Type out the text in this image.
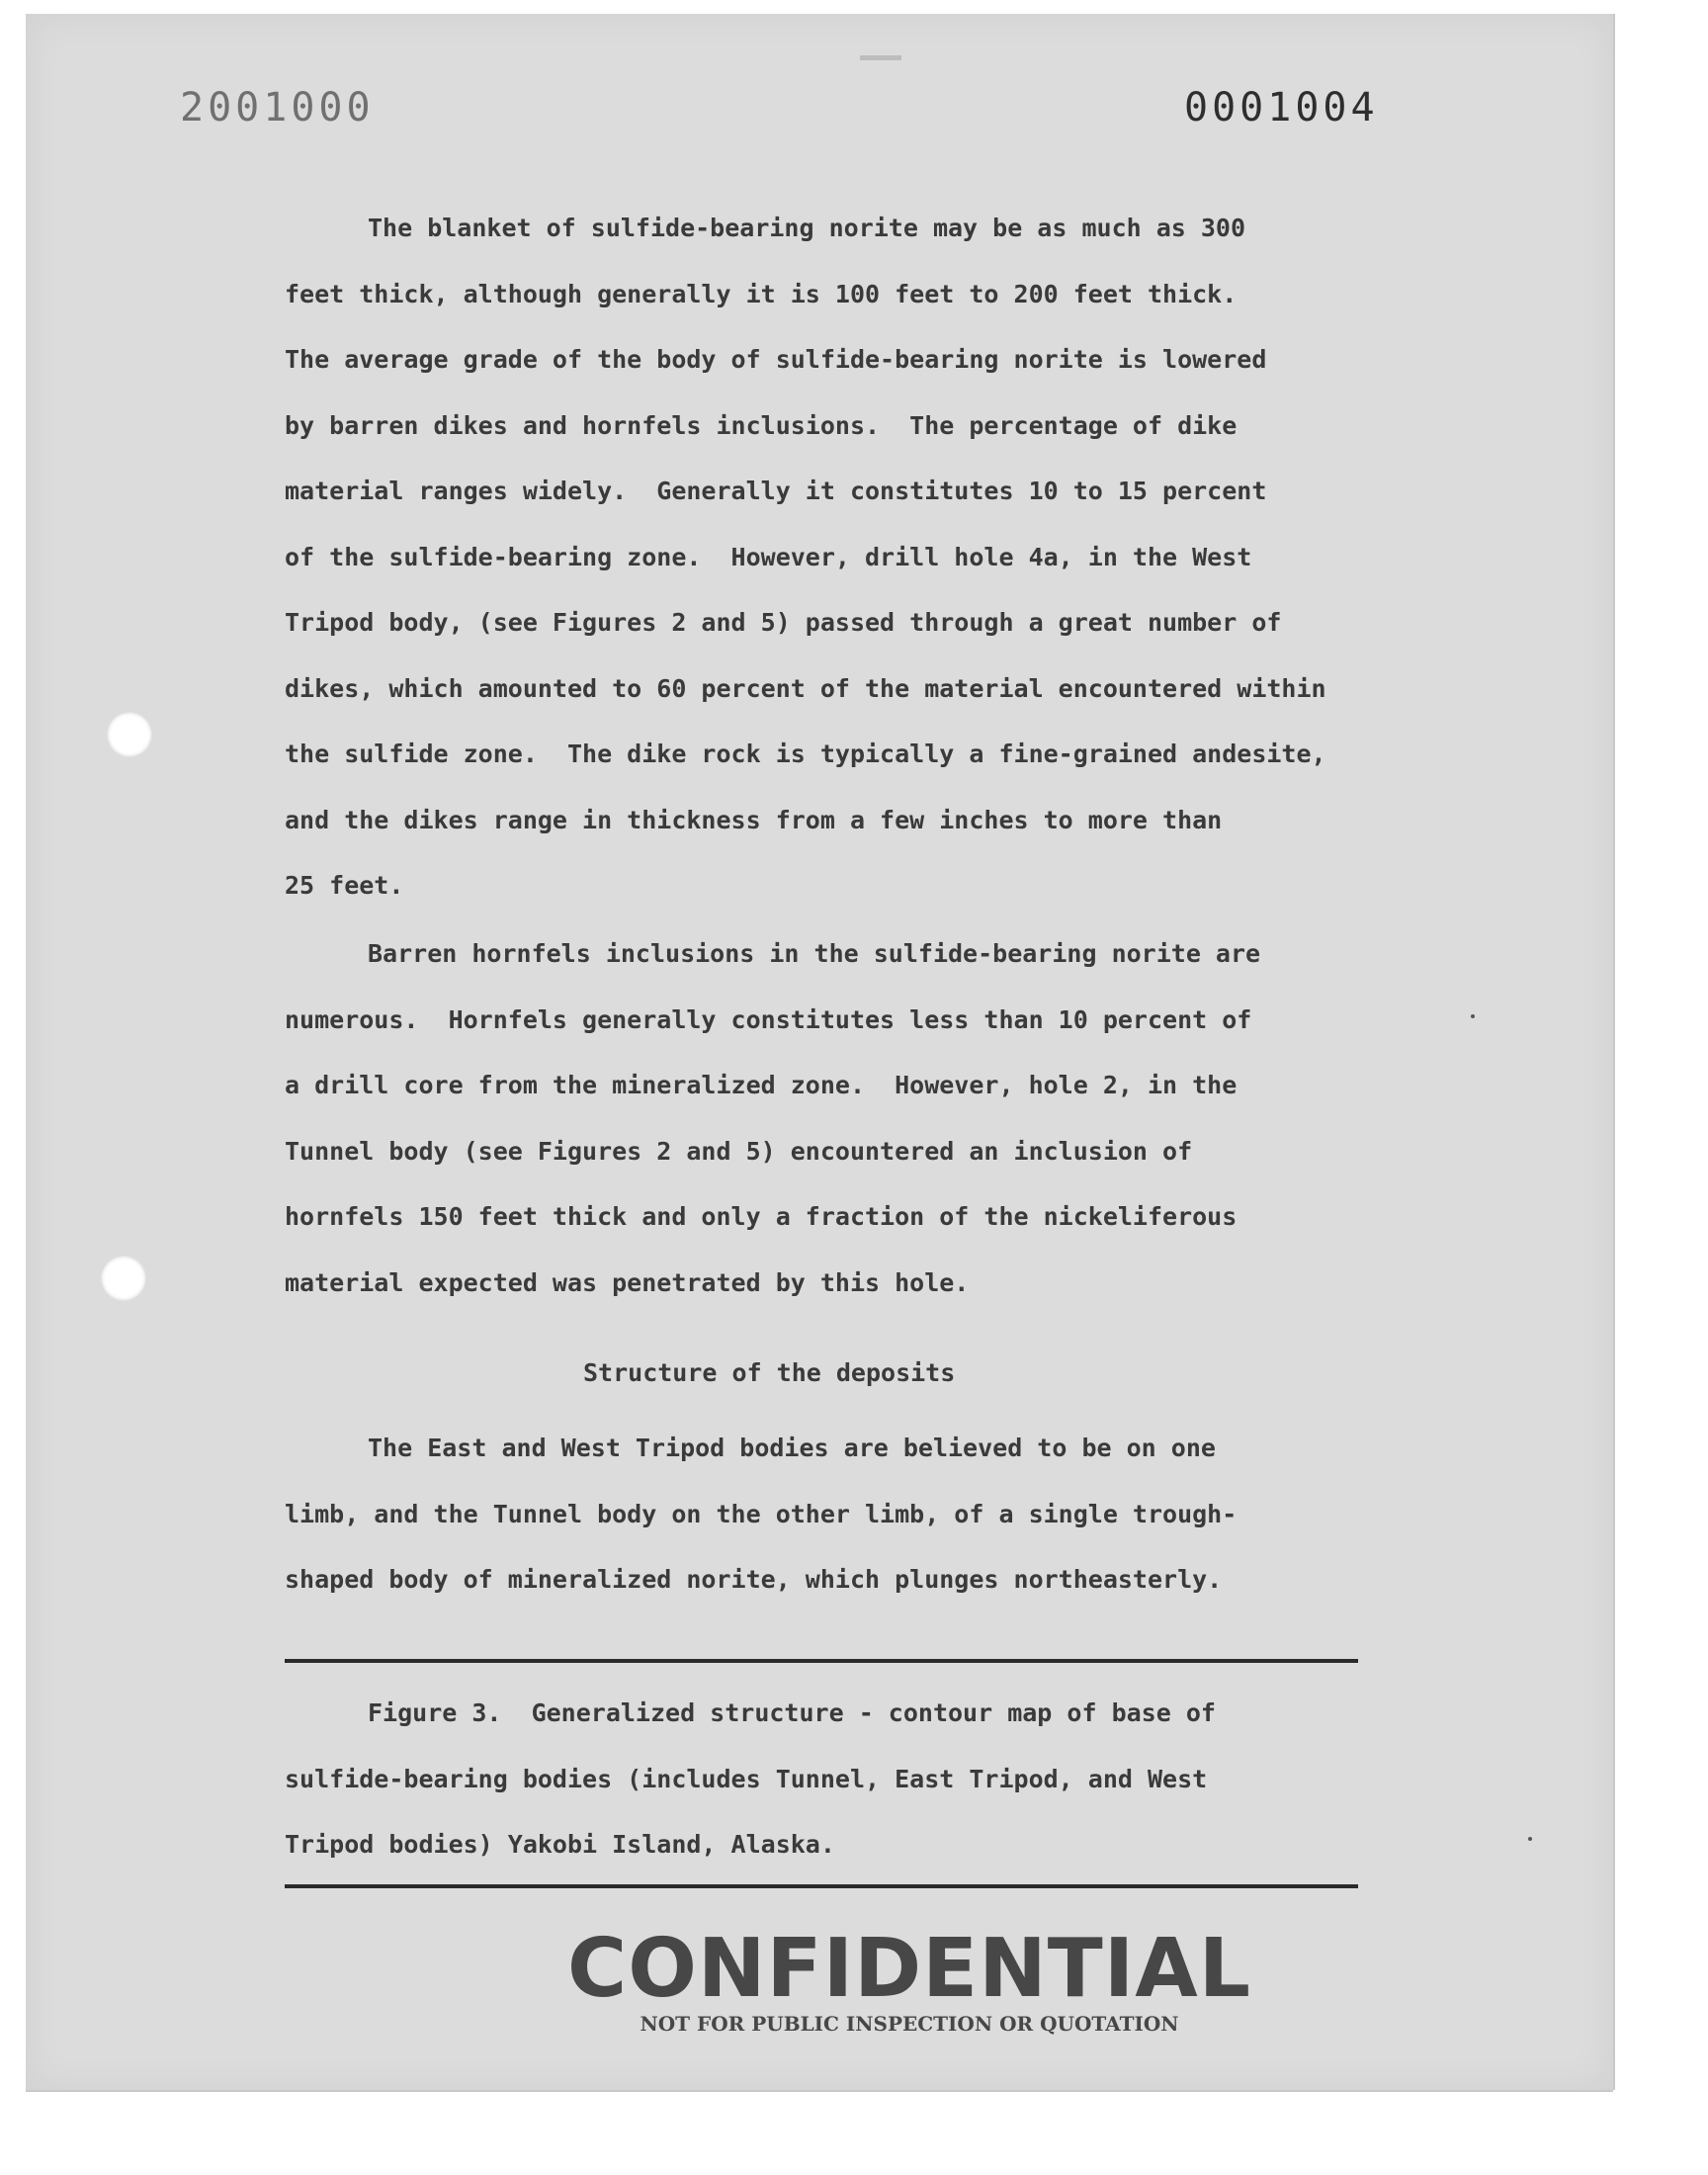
2001000	0001004
The blanket of sulfide-bearing norite may be as much as 300
feet thick, although generally it is 100 feet to 200 feet thick.
The average grade of the body of sulfide-bearing norite is lowered
by barren dikes and hornfels inclusions.  The percentage of dike
material ranges widely.  Generally it constitutes 10 to 15 percent
of the sulfide-bearing zone.  However, drill hole 4a, in the West
Tripod body, (see Figures 2 and 5) passed through a great number of
dikes, which amounted to 60 percent of the material encountered within
the sulfide zone.  The dike rock is typically a fine-grained andesite,
and the dikes range in thickness from a few inches to more than
25 feet.
Barren hornfels inclusions in the sulfide-bearing norite are
numerous.  Hornfels generally constitutes less than 10 percent of
a drill core from the mineralized zone.  However, hole 2, in the
Tunnel body (see Figures 2 and 5) encountered an inclusion of
hornfels 150 feet thick and only a fraction of the nickeliferous
material expected was penetrated by this hole.
Structure of the deposits
The East and West Tripod bodies are believed to be on one
limb, and the Tunnel body on the other limb, of a single trough-
shaped body of mineralized norite, which plunges northeasterly.
Figure 3.  Generalized structure - contour map of base of
sulfide-bearing bodies (includes Tunnel, East Tripod, and West
Tripod bodies) Yakobi Island, Alaska.
CONFIDENTIAL
NOT FOR PUBLIC INSPECTION OR QUOTATION
